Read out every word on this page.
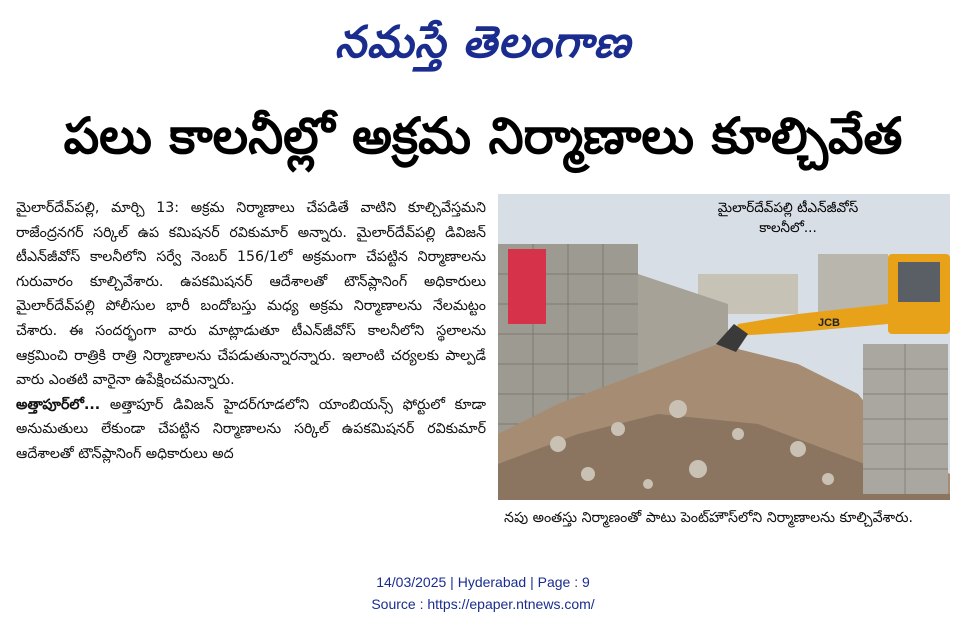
నమస్తే తెలంగాణ
పలు కాలనీల్లో అక్రమ నిర్మాణాలు కూల్చివేత

మైలార్‌దేవ్‌పల్లి, మార్చి 13: అక్రమ నిర్మాణాలు చేపడితే వాటిని కూల్చివేస్తమని రాజేంద్రనగర్ సర్కిల్ ఉప కమిషనర్ రవికుమార్ అన్నారు. మైలార్‌దేవ్‌పల్లి డివిజన్ టీఎన్‌జీవోస్ కాలనీలోని సర్వే నెంబర్ 156/1లో అక్రమంగా చేపట్టిన నిర్మాణాలను గురువారం కూల్చివేశారు. ఉపకమిషనర్ ఆదేశాలతో టౌన్‌ప్లానింగ్ అధికారులు మైలార్‌దేవ్‌పల్లి పోలీసుల భారీ బందోబస్తు మధ్య అక్రమ నిర్మాణాలను నేలమట్టం చేశారు. ఈ సందర్భంగా వారు మాట్లాడుతూ టీఎన్‌జీవోస్ కాలనీలోని స్థలాలను ఆక్రమించి రాత్రికి రాత్రి నిర్మాణాలను చేపడుతున్నారన్నారు. ఇలాంటి చర్యలకు పాల్పడే వారు ఎంతటి వారైనా ఉపేక్షించమన్నారు.

అత్తాపూర్‌లో... అత్తాపూర్ డివిజన్ హైదర్‌గూడలోని యాంబియన్స్ ఫోర్టులో కూడా అనుమతులు లేకుండా చేపట్టిన నిర్మాణాలను సర్కిల్ ఉపకమిషనర్ రవికుమార్ ఆదేశాలతో టౌన్‌ప్లానింగ్ అధికారులు అద

JCB
మైలార్‌దేవ్‌పల్లి టీఎన్‌జీవోస్ కాలనీలో‌‌...
నపు అంతస్తు నిర్మాణంతో పాటు పెంట్‌హౌస్‌లోని నిర్మాణాలను కూల్చివేశారు.
14/03/2025 | Hyderabad | Page : 9
Source : https://epaper.ntnews.com/
